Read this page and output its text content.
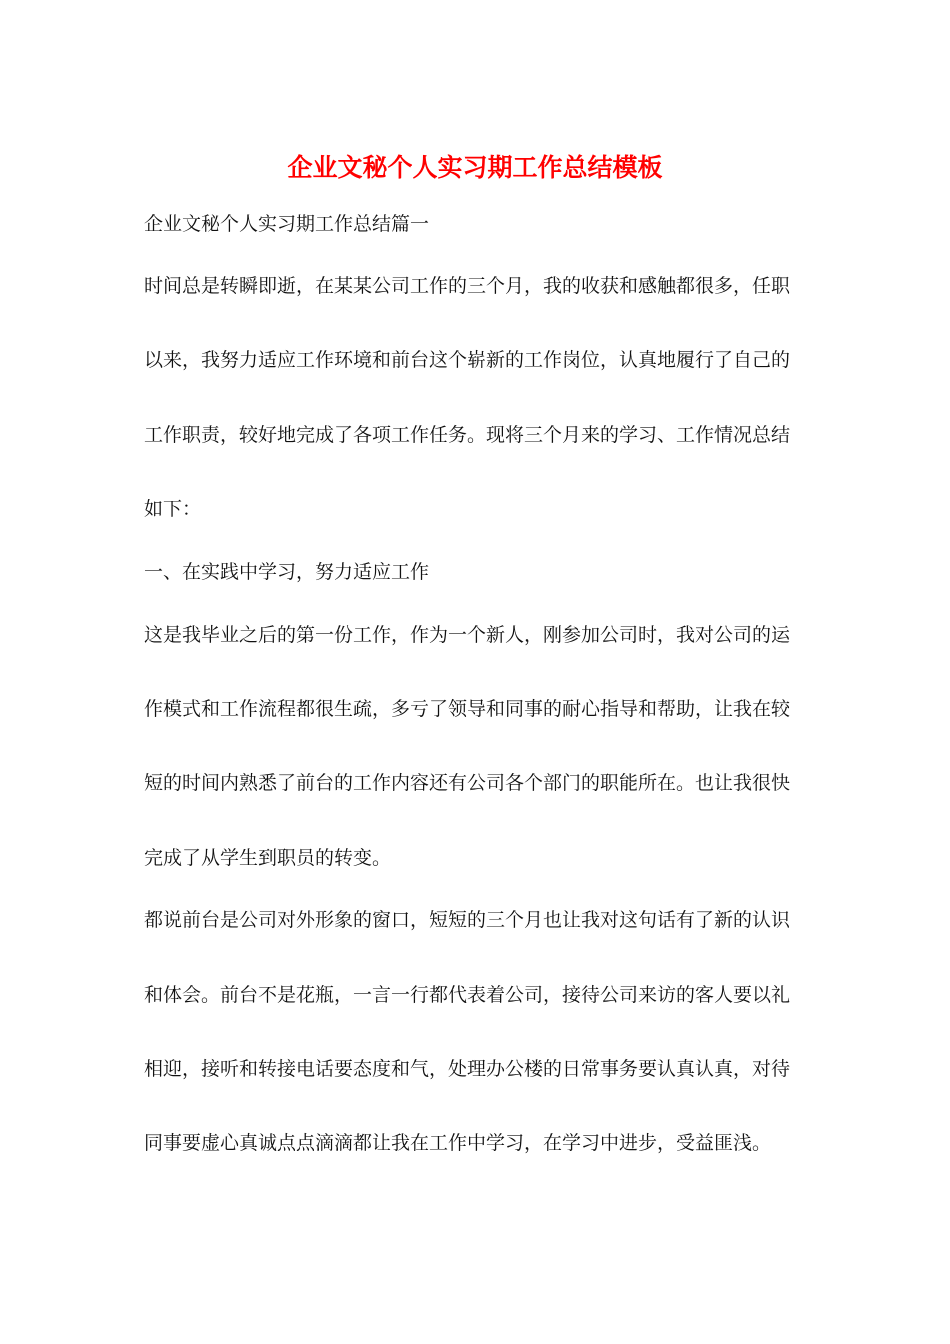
企业文秘个人实习期工作总结模板
企业文秘个人实习期工作总结篇一
时间总是转瞬即逝，在某某公司工作的三个月，我的收获和感触都很多，任职
以来，我努力适应工作环境和前台这个崭新的工作岗位，认真地履行了自己的
工作职责，较好地完成了各项工作任务。现将三个月来的学习、工作情况总结
如下：
一、在实践中学习，努力适应工作
这是我毕业之后的第一份工作，作为一个新人，刚参加公司时，我对公司的运
作模式和工作流程都很生疏，多亏了领导和同事的耐心指导和帮助，让我在较
短的时间内熟悉了前台的工作内容还有公司各个部门的职能所在。也让我很快
完成了从学生到职员的转变。
都说前台是公司对外形象的窗口，短短的三个月也让我对这句话有了新的认识
和体会。前台不是花瓶，一言一行都代表着公司，接待公司来访的客人要以礼
相迎，接听和转接电话要态度和气，处理办公楼的日常事务要认真认真，对待
同事要虚心真诚点点滴滴都让我在工作中学习，在学习中进步，受益匪浅。
